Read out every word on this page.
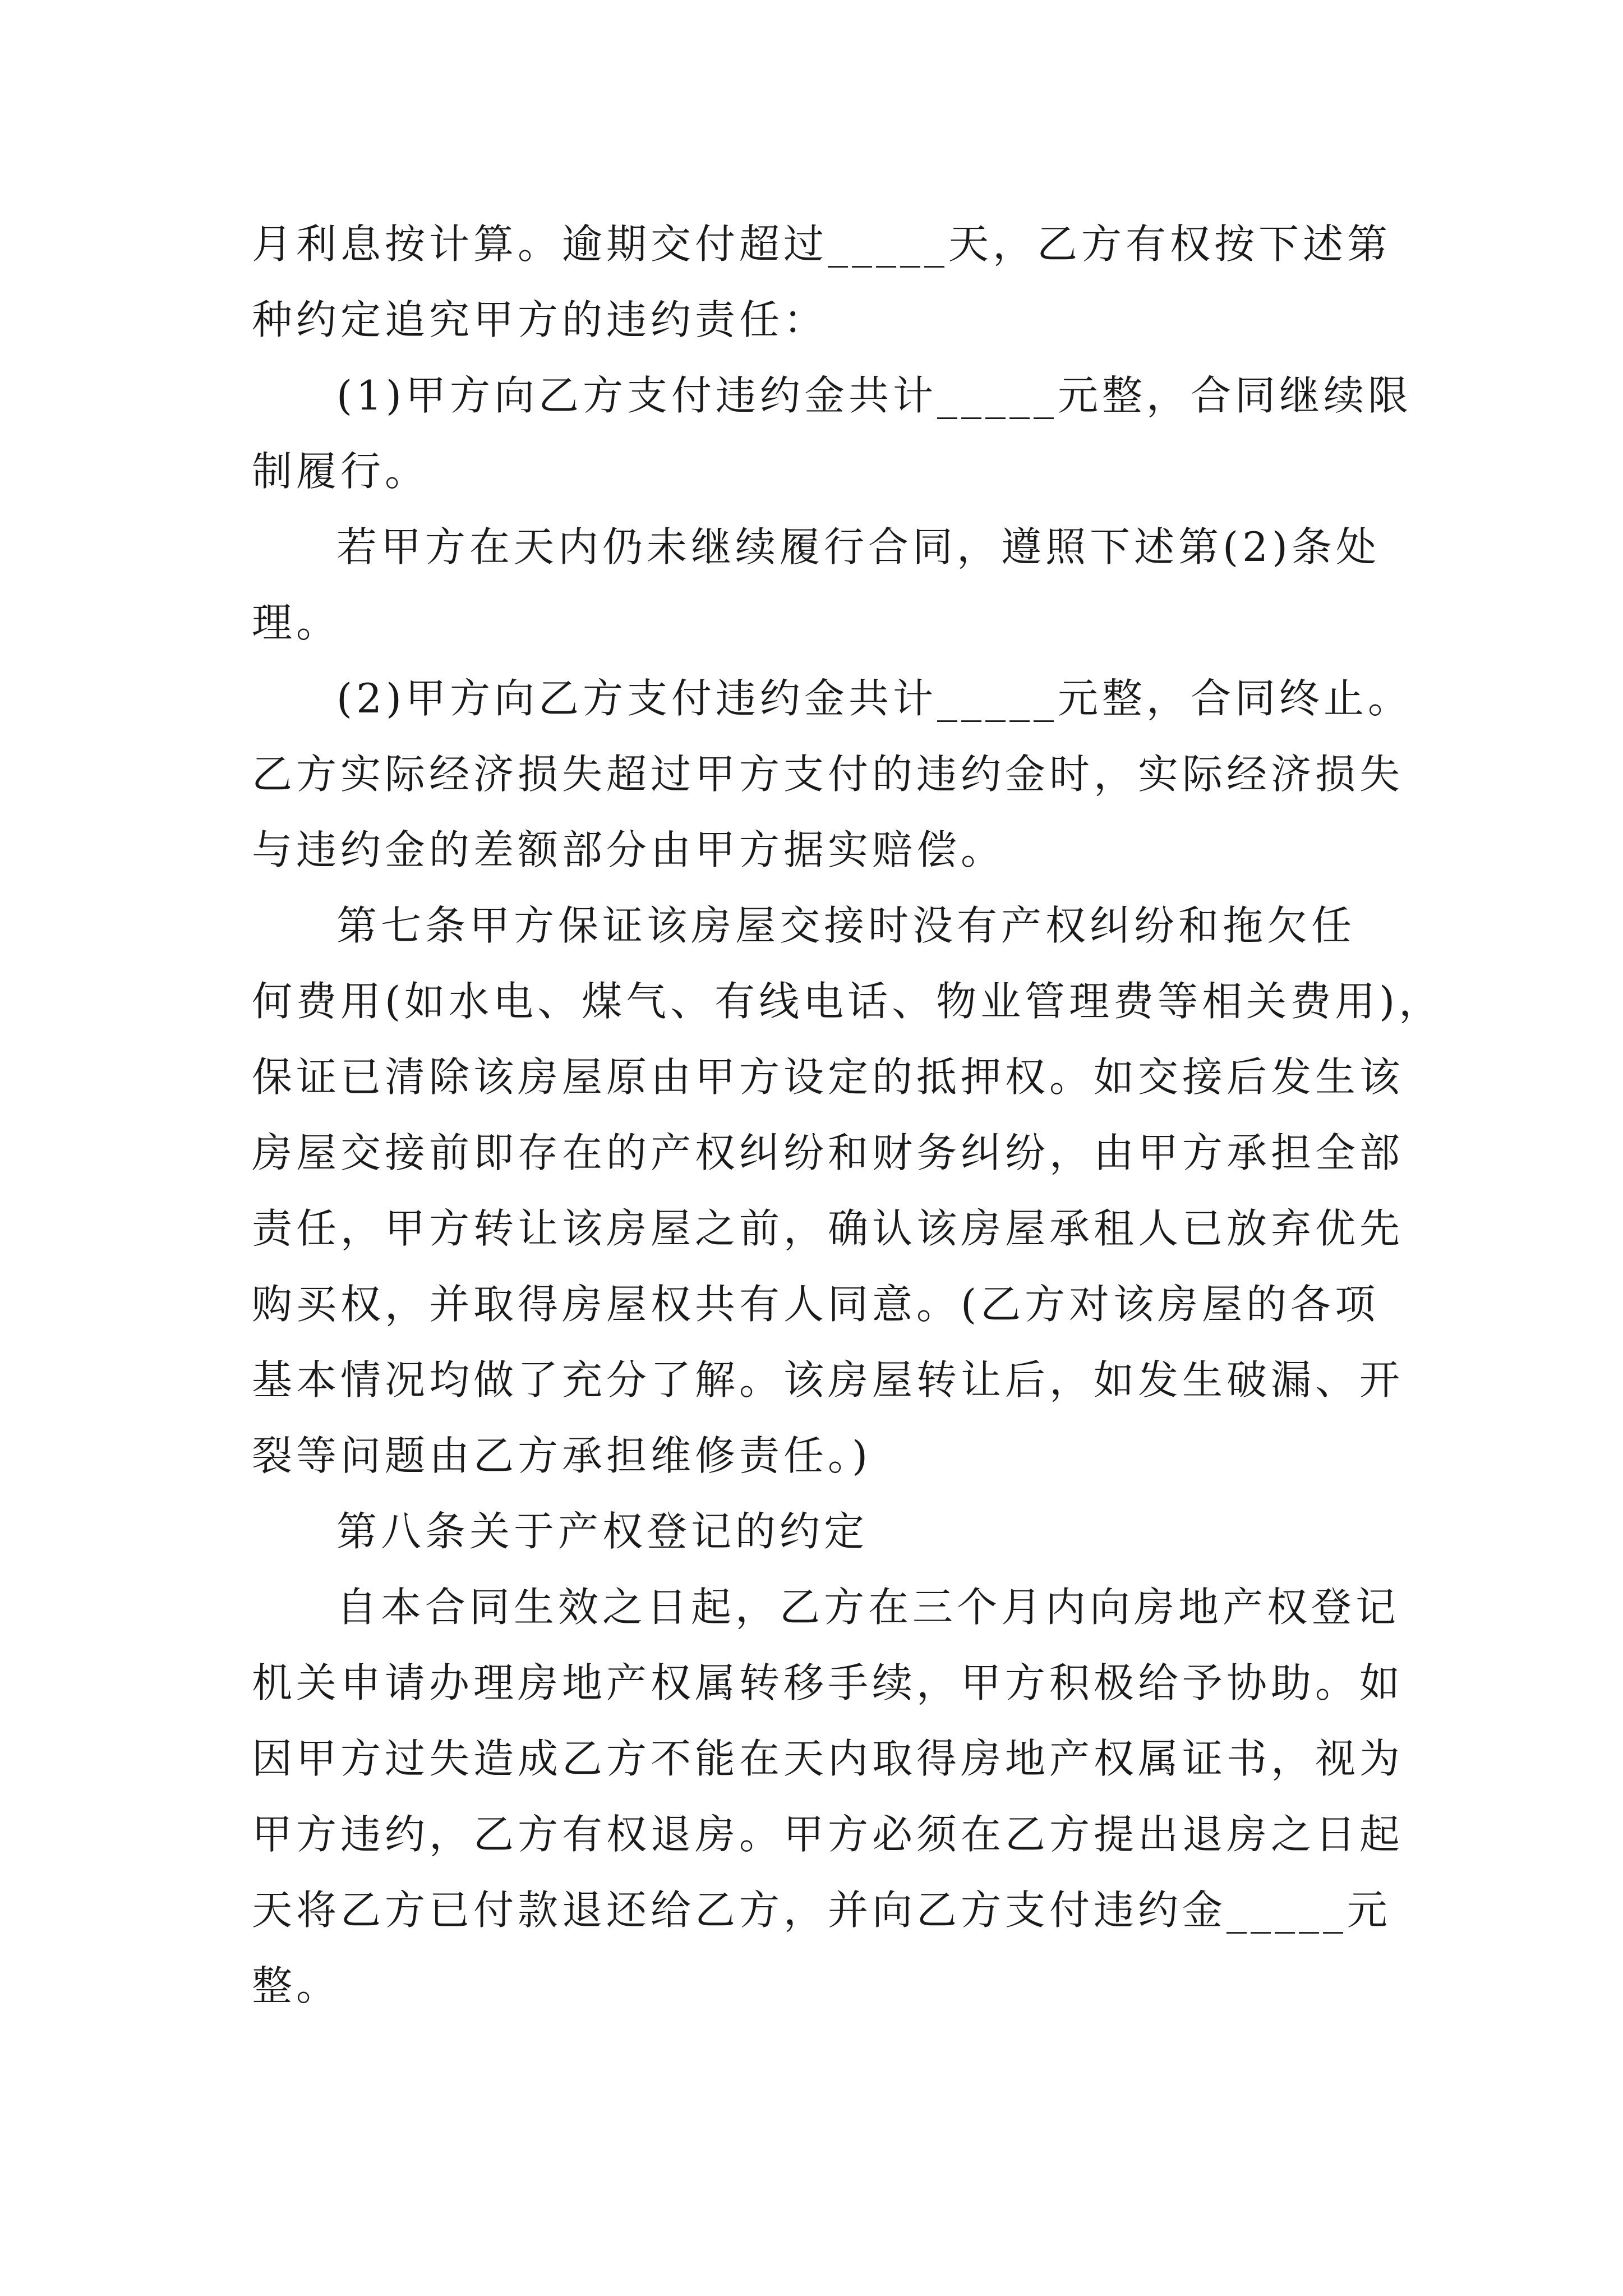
月利息按计算。逾期交付超过_____天，乙方有权按下述第
种约定追究甲方的违约责任：
(1)甲方向乙方支付违约金共计_____元整，合同继续限
制履行。
若甲方在天内仍未继续履行合同，遵照下述第(2)条处
理。
(2)甲方向乙方支付违约金共计_____元整，合同终止。
乙方实际经济损失超过甲方支付的违约金时，实际经济损失
与违约金的差额部分由甲方据实赔偿。
第七条甲方保证该房屋交接时没有产权纠纷和拖欠任
何费用(如水电、煤气、有线电话、物业管理费等相关费用)，
保证已清除该房屋原由甲方设定的抵押权。如交接后发生该
房屋交接前即存在的产权纠纷和财务纠纷，由甲方承担全部
责任，甲方转让该房屋之前，确认该房屋承租人已放弃优先
购买权，并取得房屋权共有人同意。(乙方对该房屋的各项
基本情况均做了充分了解。该房屋转让后，如发生破漏、开
裂等问题由乙方承担维修责任。)
第八条关于产权登记的约定
自本合同生效之日起，乙方在三个月内向房地产权登记
机关申请办理房地产权属转移手续，甲方积极给予协助。如
因甲方过失造成乙方不能在天内取得房地产权属证书，视为
甲方违约，乙方有权退房。甲方必须在乙方提出退房之日起
天将乙方已付款退还给乙方，并向乙方支付违约金_____元
整。
